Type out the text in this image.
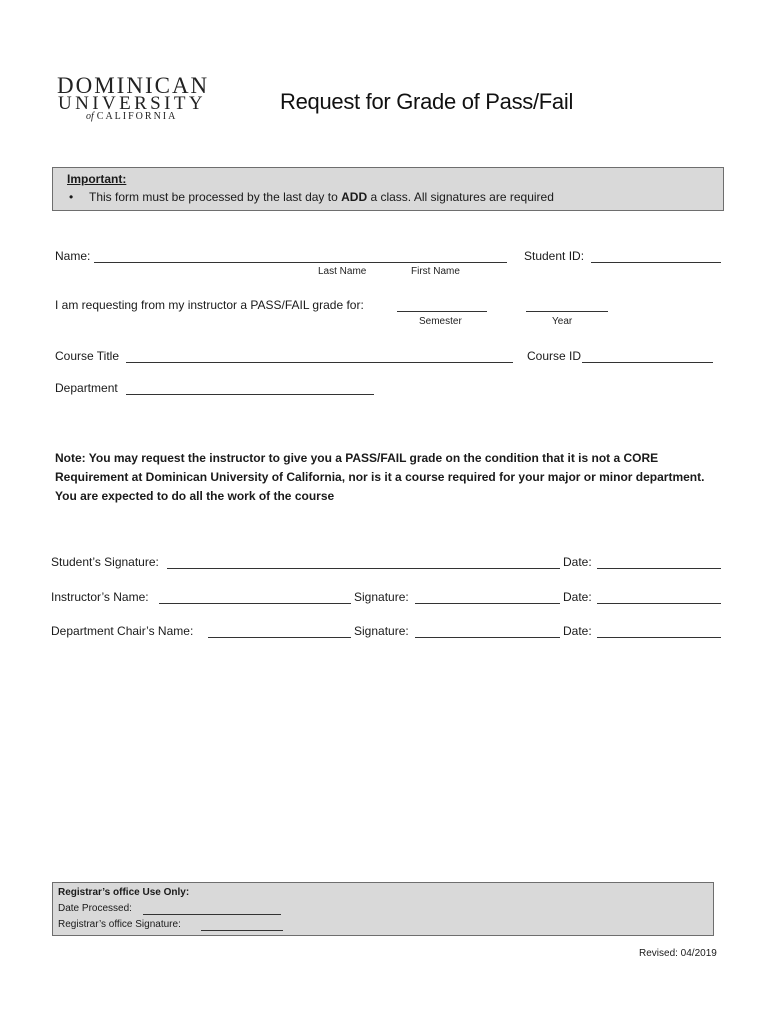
DOMINICAN
UNIVERSITY
of CALIFORNIA
Request for Grade of Pass/Fail
Important:
• This form must be processed by the last day to ADD a class. All signatures are required
Name:
Last Name	First Name
Student ID:
I am requesting from my instructor a PASS/FAIL grade for:
Semester	Year
Course Title	Course ID
Department
Note: You may request the instructor to give you a PASS/FAIL grade on the condition that it is not a CORE
Requirement at Dominican University of California, nor is it a course required for your major or minor department.
You are expected to do all the work of the course
Student’s Signature:	Date:
Instructor’s Name:	Signature:	Date:
Department Chair’s Name:	Signature:	Date:
Registrar’s office Use Only:
Date Processed:
Registrar’s office Signature:
Revised: 04/2019
